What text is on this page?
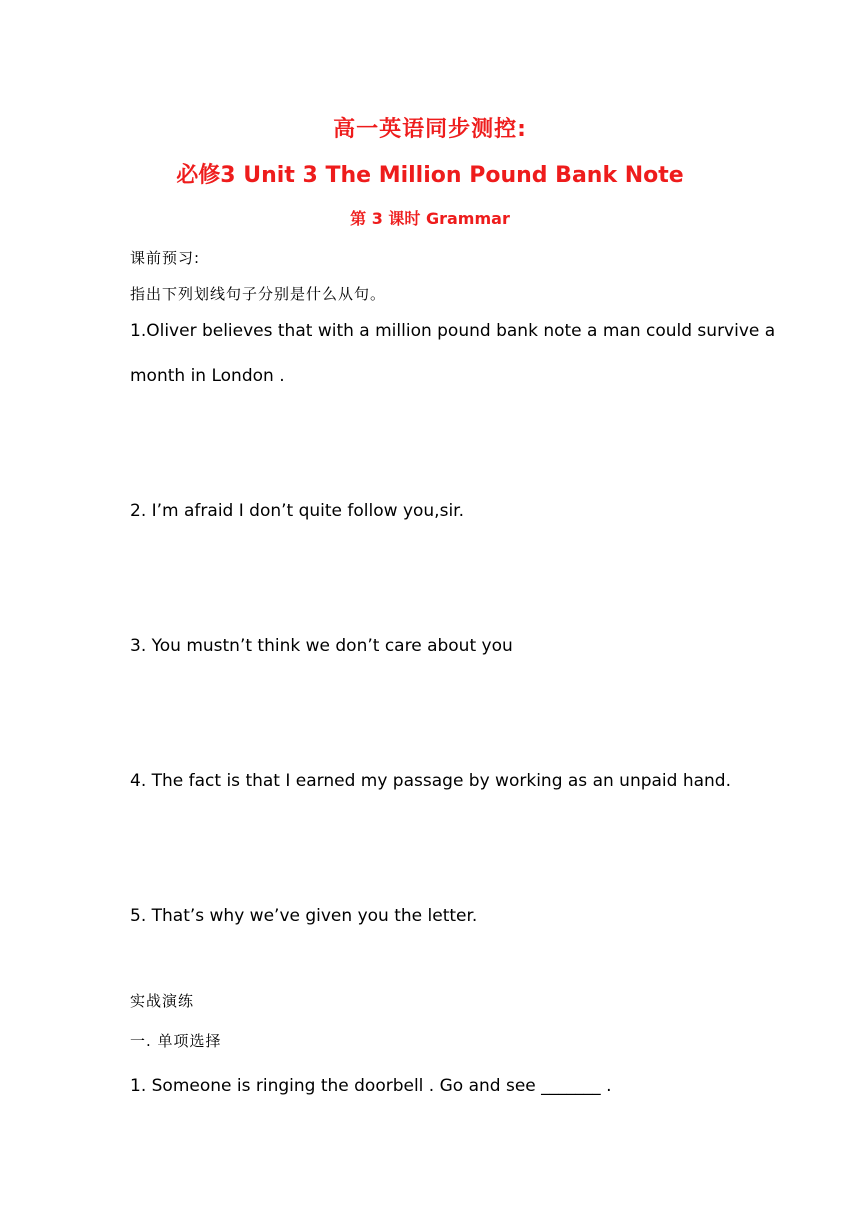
高一英语同步测控:
必修3 Unit 3 The Million Pound Bank Note
第 3 课时 Grammar
课前预习:
指出下列划线句子分别是什么从句。
1.Oliver believes that with a million pound bank note a man could survive a
month in London .
2. I’m afraid I don’t quite follow you,sir.
3. You mustn’t think we don’t care about you
4. The fact is that I earned my passage by working as an unpaid hand.
5. That’s why we’ve given you the letter.
实战演练
一. 单项选择
1. Someone is ringing the doorbell . Go and see _______ .
